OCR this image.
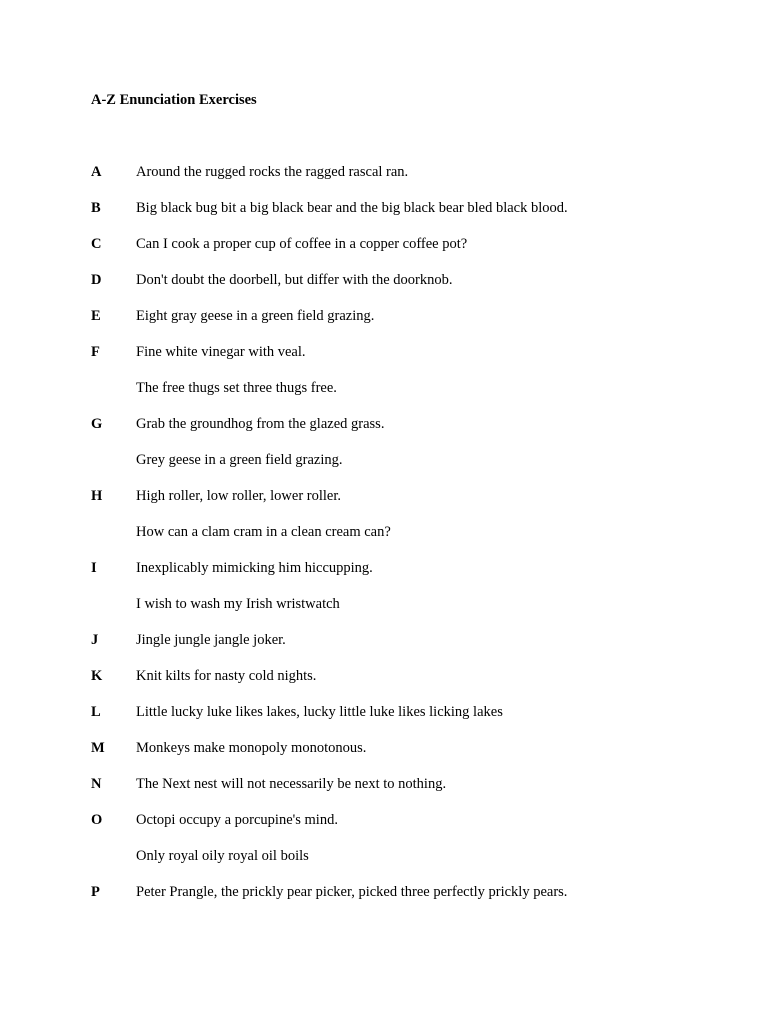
A-Z Enunciation Exercises
A Around the rugged rocks the ragged rascal ran.
B Big black bug bit a big black bear and the big black bear bled black blood.
C Can I cook a proper cup of coffee in a copper coffee pot?
D Don't doubt the doorbell, but differ with the doorknob.
E Eight gray geese in a green field grazing.
F Fine white vinegar with veal.
The free thugs set three thugs free.
G Grab the groundhog from the glazed grass.
Grey geese in a green field grazing.
H High roller, low roller, lower roller.
How can a clam cram in a clean cream can?
I	Inexplicably mimicking him hiccupping.
I wish to wash my Irish wristwatch
J	Jingle jungle jangle joker.
K Knit kilts for nasty cold nights.
L Little lucky luke likes lakes, lucky little luke likes licking lakes
M Monkeys make monopoly monotonous.
N The Next nest will not necessarily be next to nothing.
O Octopi occupy a porcupine's mind.
Only royal oily royal oil boils
P Peter Prangle, the prickly pear picker, picked three perfectly prickly pears.
